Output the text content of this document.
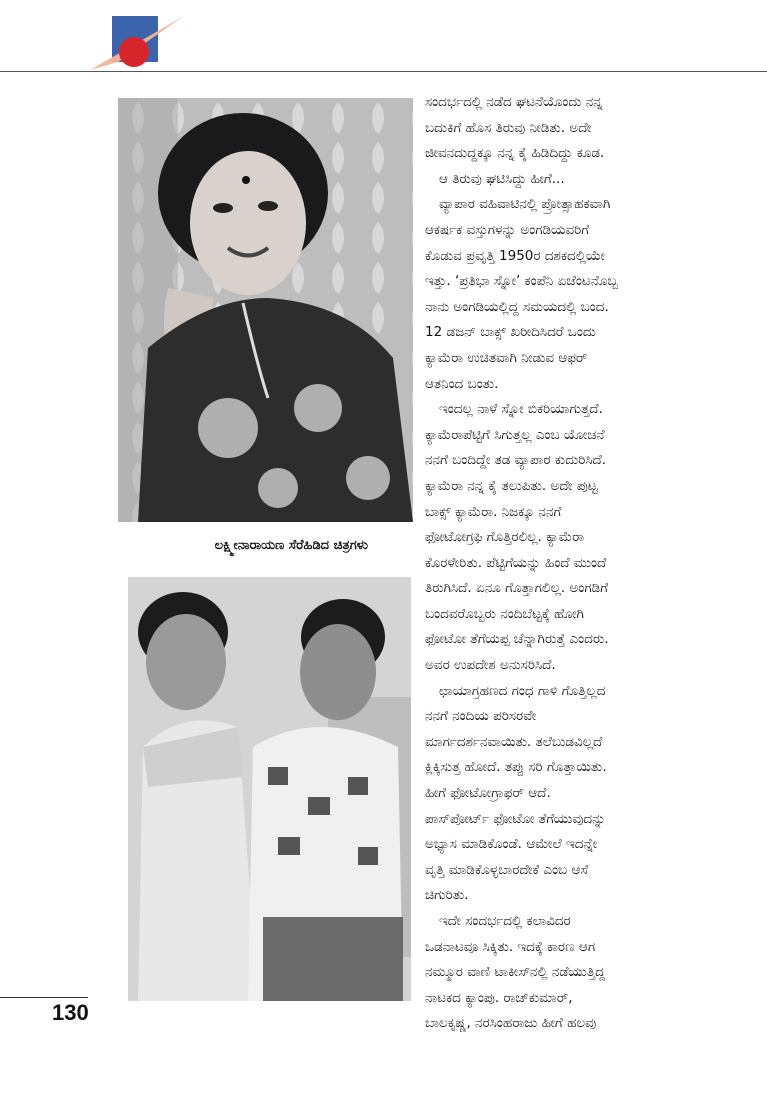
ಲಕ್ಷ್ಮೀನಾರಾಯಣ ಸೆರೆಹಿಡಿದ ಚಿತ್ರಗಳು
ಸಂದರ್ಭದಲ್ಲಿ ನಡೆದ ಘಟನೆಯೊಂದು ನನ್ನ
ಬದುಕಿಗೆ ಹೊಸ ತಿರುವು ನೀಡಿತು. ಅದೇ
ಜೀವನದುದ್ದಕ್ಕೂ ನನ್ನ ಕೈ ಹಿಡಿದಿದ್ದು ಕೂಡ.
ಆ ತಿರುವು ಘಟಿಸಿದ್ದು ಹೀಗೆ...
ವ್ಯಾಪಾರ ವಹಿವಾಟಿನಲ್ಲಿ ಪ್ರೋತ್ಸಾಹಕವಾಗಿ
ಆಕರ್ಷಕ ವಸ್ತುಗಳನ್ನು ಅಂಗಡಿಯವರಿಗೆ
ಕೊಡುವ ಪ್ರವೃತ್ತಿ 1950ರ ದಶಕದಲ್ಲಿಯೇ
ಇತ್ತು. ‘ಪ್ರತಿಭಾ ಸ್ನೋ’ ಕಂಪೆನಿ ಏಜೆಂಟನೊಬ್ಬ
ನಾನು ಅಂಗಡಿಯಲ್ಲಿದ್ದ ಸಮಯದಲ್ಲಿ ಬಂದ.
12 ಡಜನ್ ಬಾಕ್ಸ್ ಖರೀದಿಸಿದರೆ ಒಂದು
ಕ್ಯಾಮೆರಾ ಉಚಿತವಾಗಿ ನೀಡುವ ಆಫರ್
ಆತನಿಂದ ಬಂತು.
ಇಂದಲ್ಲ ನಾಳೆ ಸ್ನೋ ಬಿಕರಿಯಾಗುತ್ತದೆ.
ಕ್ಯಾಮೆರಾಪೆಟ್ಟಿಗೆ ಸಿಗುತ್ತಲ್ಲ ಎಂಬ ಯೋಚನೆ
ನನಗೆ ಬಂದಿದ್ದೇ ತಡ ವ್ಯಾಪಾರ ಕುದುರಿಸಿದೆ.
ಕ್ಯಾಮೆರಾ ನನ್ನ ಕೈ ತಲುಪಿತು. ಅದೇ ಪುಟ್ಟ
ಬಾಕ್ಸ್ ಕ್ಯಾಮೆರಾ. ನಿಜಕ್ಕೂ ನನಗೆ
ಫೋಟೋಗ್ರಫಿ ಗೊತ್ತಿರಲಿಲ್ಲ. ಕ್ಯಾಮೆರಾ
ಕೊರಳೇರಿತು. ಪೆಟ್ಟಿಗೆಯನ್ನು ಹಿಂದೆ ಮುಂದೆ
ತಿರುಗಿಸಿದೆ. ಏನೂ ಗೊತ್ತಾಗಲಿಲ್ಲ. ಅಂಗಡಿಗೆ
ಬಂದವರೊಬ್ಬರು ನಂದಿಬೆಟ್ಟಕ್ಕೆ ಹೋಗಿ
ಫೋಟೋ ತೆಗೆಯಪ್ಪ ಚೆನ್ನಾಗಿರುತ್ತೆ ಎಂದರು.
ಅವರ ಉಪದೇಶ ಅನುಸರಿಸಿದೆ.
ಛಾಯಾಗ್ರಹಣದ ಗಂಧ ಗಾಳಿ ಗೊತ್ತಿಲ್ಲದ
ನನಗೆ ನಂದಿಯ ಪರಿಸರವೇ
ಮಾರ್ಗದರ್ಶನವಾಯಿತು. ತಲೆಬುಡವಿಲ್ಲದೆ
ಕ್ಲಿಕ್ಕಿಸುತ್ತ ಹೋದೆ. ತಪ್ಪು ಸರಿ ಗೊತ್ತಾಯಿತು.
ಹೀಗೆ ಫೋಟೋಗ್ರಾಫರ್ ಆದೆ.
ಪಾಸ್‌ಪೋರ್ಟ್ ಫೋಟೋ ತೆಗೆಯುವುದನ್ನು
ಅಭ್ಯಾಸ ಮಾಡಿಕೊಂಡೆ. ಆಮೇಲೆ ಇದನ್ನೇ
ವೃತ್ತಿ ಮಾಡಿಕೊಳ್ಳಬಾರದೇಕೆ ಎಂಬ ಆಸೆ
ಚಿಗುರಿತು.
ಇದೇ ಸಂದರ್ಭದಲ್ಲಿ ಕಲಾವಿದರ
ಒಡನಾಟವೂ ಸಿಕ್ಕಿತು. ಇದಕ್ಕೆ ಕಾರಣ ಆಗ
ನಮ್ಮೂರ ವಾಣಿ ಟಾಕೀಸ್‌ನಲ್ಲಿ ನಡೆಯುತ್ತಿದ್ದ
ನಾಟಕದ ಕ್ಯಾಂಪು. ರಾಜ್‌ಕುಮಾರ್,
ಬಾಲಕೃಷ್ಣ, ನರಸಿಂಹರಾಜು ಹೀಗೆ ಹಲವು
130
